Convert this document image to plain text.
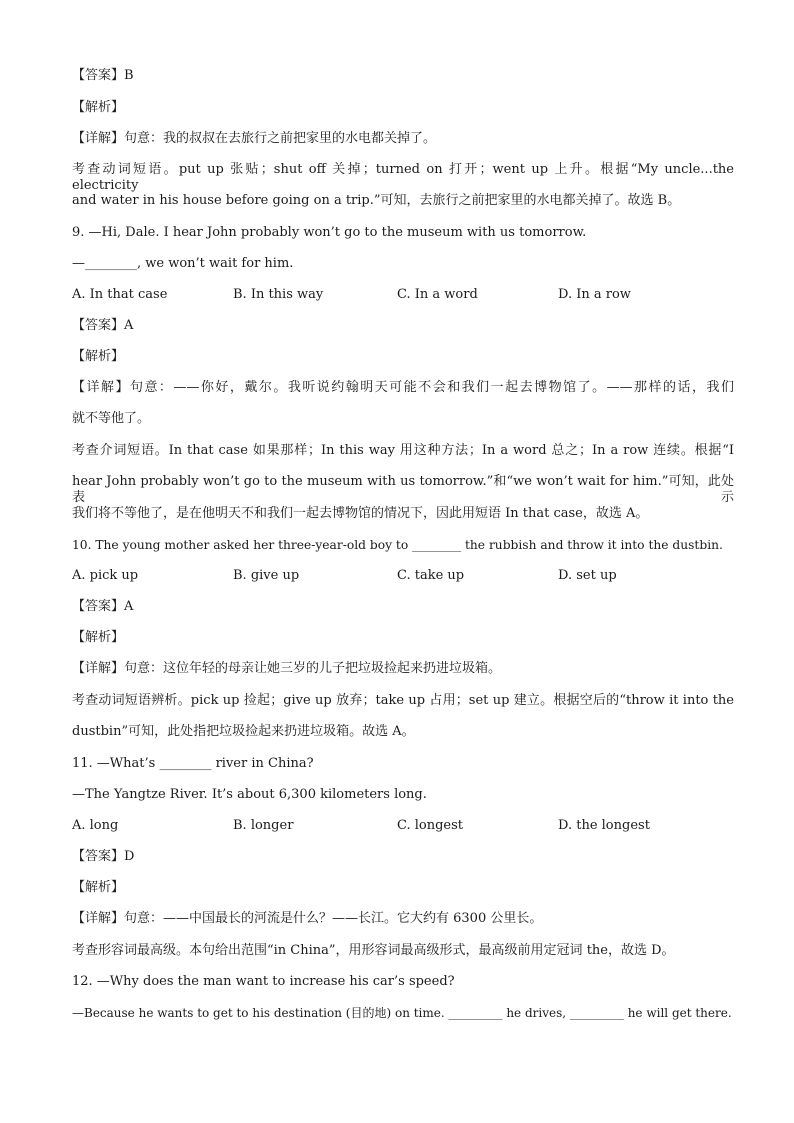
【答案】B
【解析】
【详解】句意：我的叔叔在去旅行之前把家里的水电都关掉了。
考查动词短语。put up 张贴；shut off 关掉；turned on 打开；went up 上升。根据“My uncle...the electricity
and water in his house before going on a trip.”可知，去旅行之前把家里的水电都关掉了。故选 B。
9. —Hi, Dale. I hear John probably won’t go to the museum with us tomorrow.
—________, we won’t wait for him.
A. In that case	B. In this way	C. In a word	D. In a row
【答案】A
【解析】
【详解】句意：——你好，戴尔。我听说约翰明天可能不会和我们一起去博物馆了。——那样的话，我们
就不等他了。
考查介词短语。In that case 如果那样；In this way 用这种方法；In a word 总之；In a row 连续。根据“I
hear John probably won’t go to the museum with us tomorrow.”和“we won’t wait for him.”可知，此处表示
我们将不等他了，是在他明天不和我们一起去博物馆的情况下，因此用短语 In that case，故选 A。
10. The young mother asked her three-year-old boy to ________ the rubbish and throw it into the dustbin.
A. pick up	B. give up	C. take up	D. set up
【答案】A
【解析】
【详解】句意：这位年轻的母亲让她三岁的儿子把垃圾捡起来扔进垃圾箱。
考查动词短语辨析。pick up 捡起；give up 放弃；take up 占用；set up 建立。根据空后的“throw it into the
dustbin”可知，此处指把垃圾捡起来扔进垃圾箱。故选 A。
11. —What’s ________ river in China?
—The Yangtze River. It’s about 6,300 kilometers long.
A. long	B. longer	C. longest	D. the longest
【答案】D
【解析】
【详解】句意：——中国最长的河流是什么？——长江。它大约有 6300 公里长。
考查形容词最高级。本句给出范围“in China”，用形容词最高级形式，最高级前用定冠词 the，故选 D。
12. —Why does the man want to increase his car’s speed?
—Because he wants to get to his destination (目的地) on time. _________ he drives, _________ he will get there.
